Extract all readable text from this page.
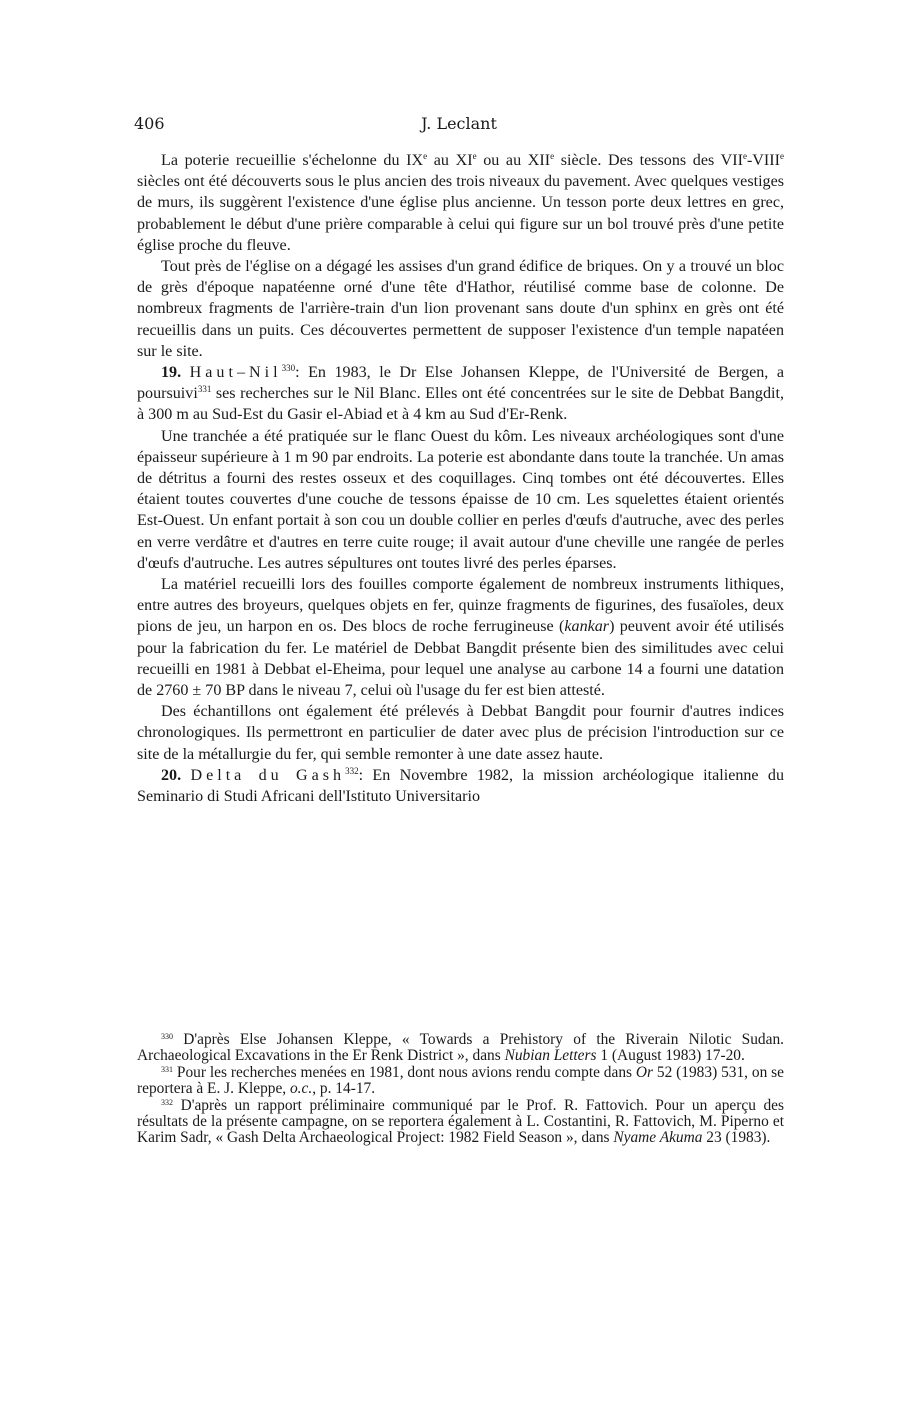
406	J. Leclant

La poterie recueillie s'échelonne du IXe au XIe ou au XIIe siècle. Des tessons des VIIe-VIIIe siècles ont été découverts sous le plus ancien des trois niveaux du pavement. Avec quelques vestiges de murs, ils suggèrent l'existence d'une église plus ancienne. Un tesson porte deux lettres en grec, probablement le début d'une prière comparable à celui qui figure sur un bol trouvé près d'une petite église proche du fleuve.

Tout près de l'église on a dégagé les assises d'un grand édifice de briques. On y a trouvé un bloc de grès d'époque napatéenne orné d'une tête d'Hathor, réutilisé comme base de colonne. De nombreux fragments de l'arrière-train d'un lion provenant sans doute d'un sphinx en grès ont été recueillis dans un puits. Ces découvertes permettent de supposer l'existence d'un temple napatéen sur le site.

19. Haut–Nil$^{330}$: En 1983, le Dr Else Johansen Kleppe, de l'Université de Bergen, a poursuivi$^{331}$ ses recherches sur le Nil Blanc. Elles ont été concentrées sur le site de Debbat Bangdit, à 300 m au Sud-Est du Gasir el-Abiad et à 4 km au Sud d'Er-Renk.

Une tranchée a été pratiquée sur le flanc Ouest du kôm. Les niveaux archéologiques sont d'une épaisseur supérieure à 1 m 90 par endroits. La poterie est abondante dans toute la tranchée. Un amas de détritus a fourni des restes osseux et des coquillages. Cinq tombes ont été découvertes. Elles étaient toutes couvertes d'une couche de tessons épaisse de 10 cm. Les squelettes étaient orientés Est-Ouest. Un enfant portait à son cou un double collier en perles d'œufs d'autruche, avec des perles en verre verdâtre et d'autres en terre cuite rouge; il avait autour d'une cheville une rangée de perles d'œufs d'autruche. Les autres sépultures ont toutes livré des perles éparses.

La matériel recueilli lors des fouilles comporte également de nombreux instruments lithiques, entre autres des broyeurs, quelques objets en fer, quinze fragments de figurines, des fusaïoles, deux pions de jeu, un harpon en os. Des blocs de roche ferrugineuse (kankar) peuvent avoir été utilisés pour la fabrication du fer. Le matériel de Debbat Bangdit présente bien des similitudes avec celui recueilli en 1981 à Debbat el-Eheima, pour lequel une analyse au carbone 14 a fourni une datation de 2760 ± 70 BP dans le niveau 7, celui où l'usage du fer est bien attesté.

Des échantillons ont également été prélevés à Debbat Bangdit pour fournir d'autres indices chronologiques. Ils permettront en particulier de dater avec plus de précision l'introduction sur ce site de la métallurgie du fer, qui semble remonter à une date assez haute.

20. Delta du Gash$^{332}$: En Novembre 1982, la mission archéologique italienne du Seminario di Studi Africani dell'Istituto Universitario

$^{330}$ D'après Else Johansen Kleppe, « Towards a Prehistory of the Riverain Nilotic Sudan. Archaeological Excavations in the Er Renk District », dans Nubian Letters 1 (August 1983) 17-20.

$^{331}$ Pour les recherches menées en 1981, dont nous avions rendu compte dans Or 52 (1983) 531, on se reportera à E. J. Kleppe, o.c., p. 14-17.

$^{332}$ D'après un rapport préliminaire communiqué par le Prof. R. Fattovich. Pour un aperçu des résultats de la présente campagne, on se reportera également à L. Costantini, R. Fattovich, M. Piperno et Karim Sadr, « Gash Delta Archaeological Project: 1982 Field Season », dans Nyame Akuma 23 (1983).
